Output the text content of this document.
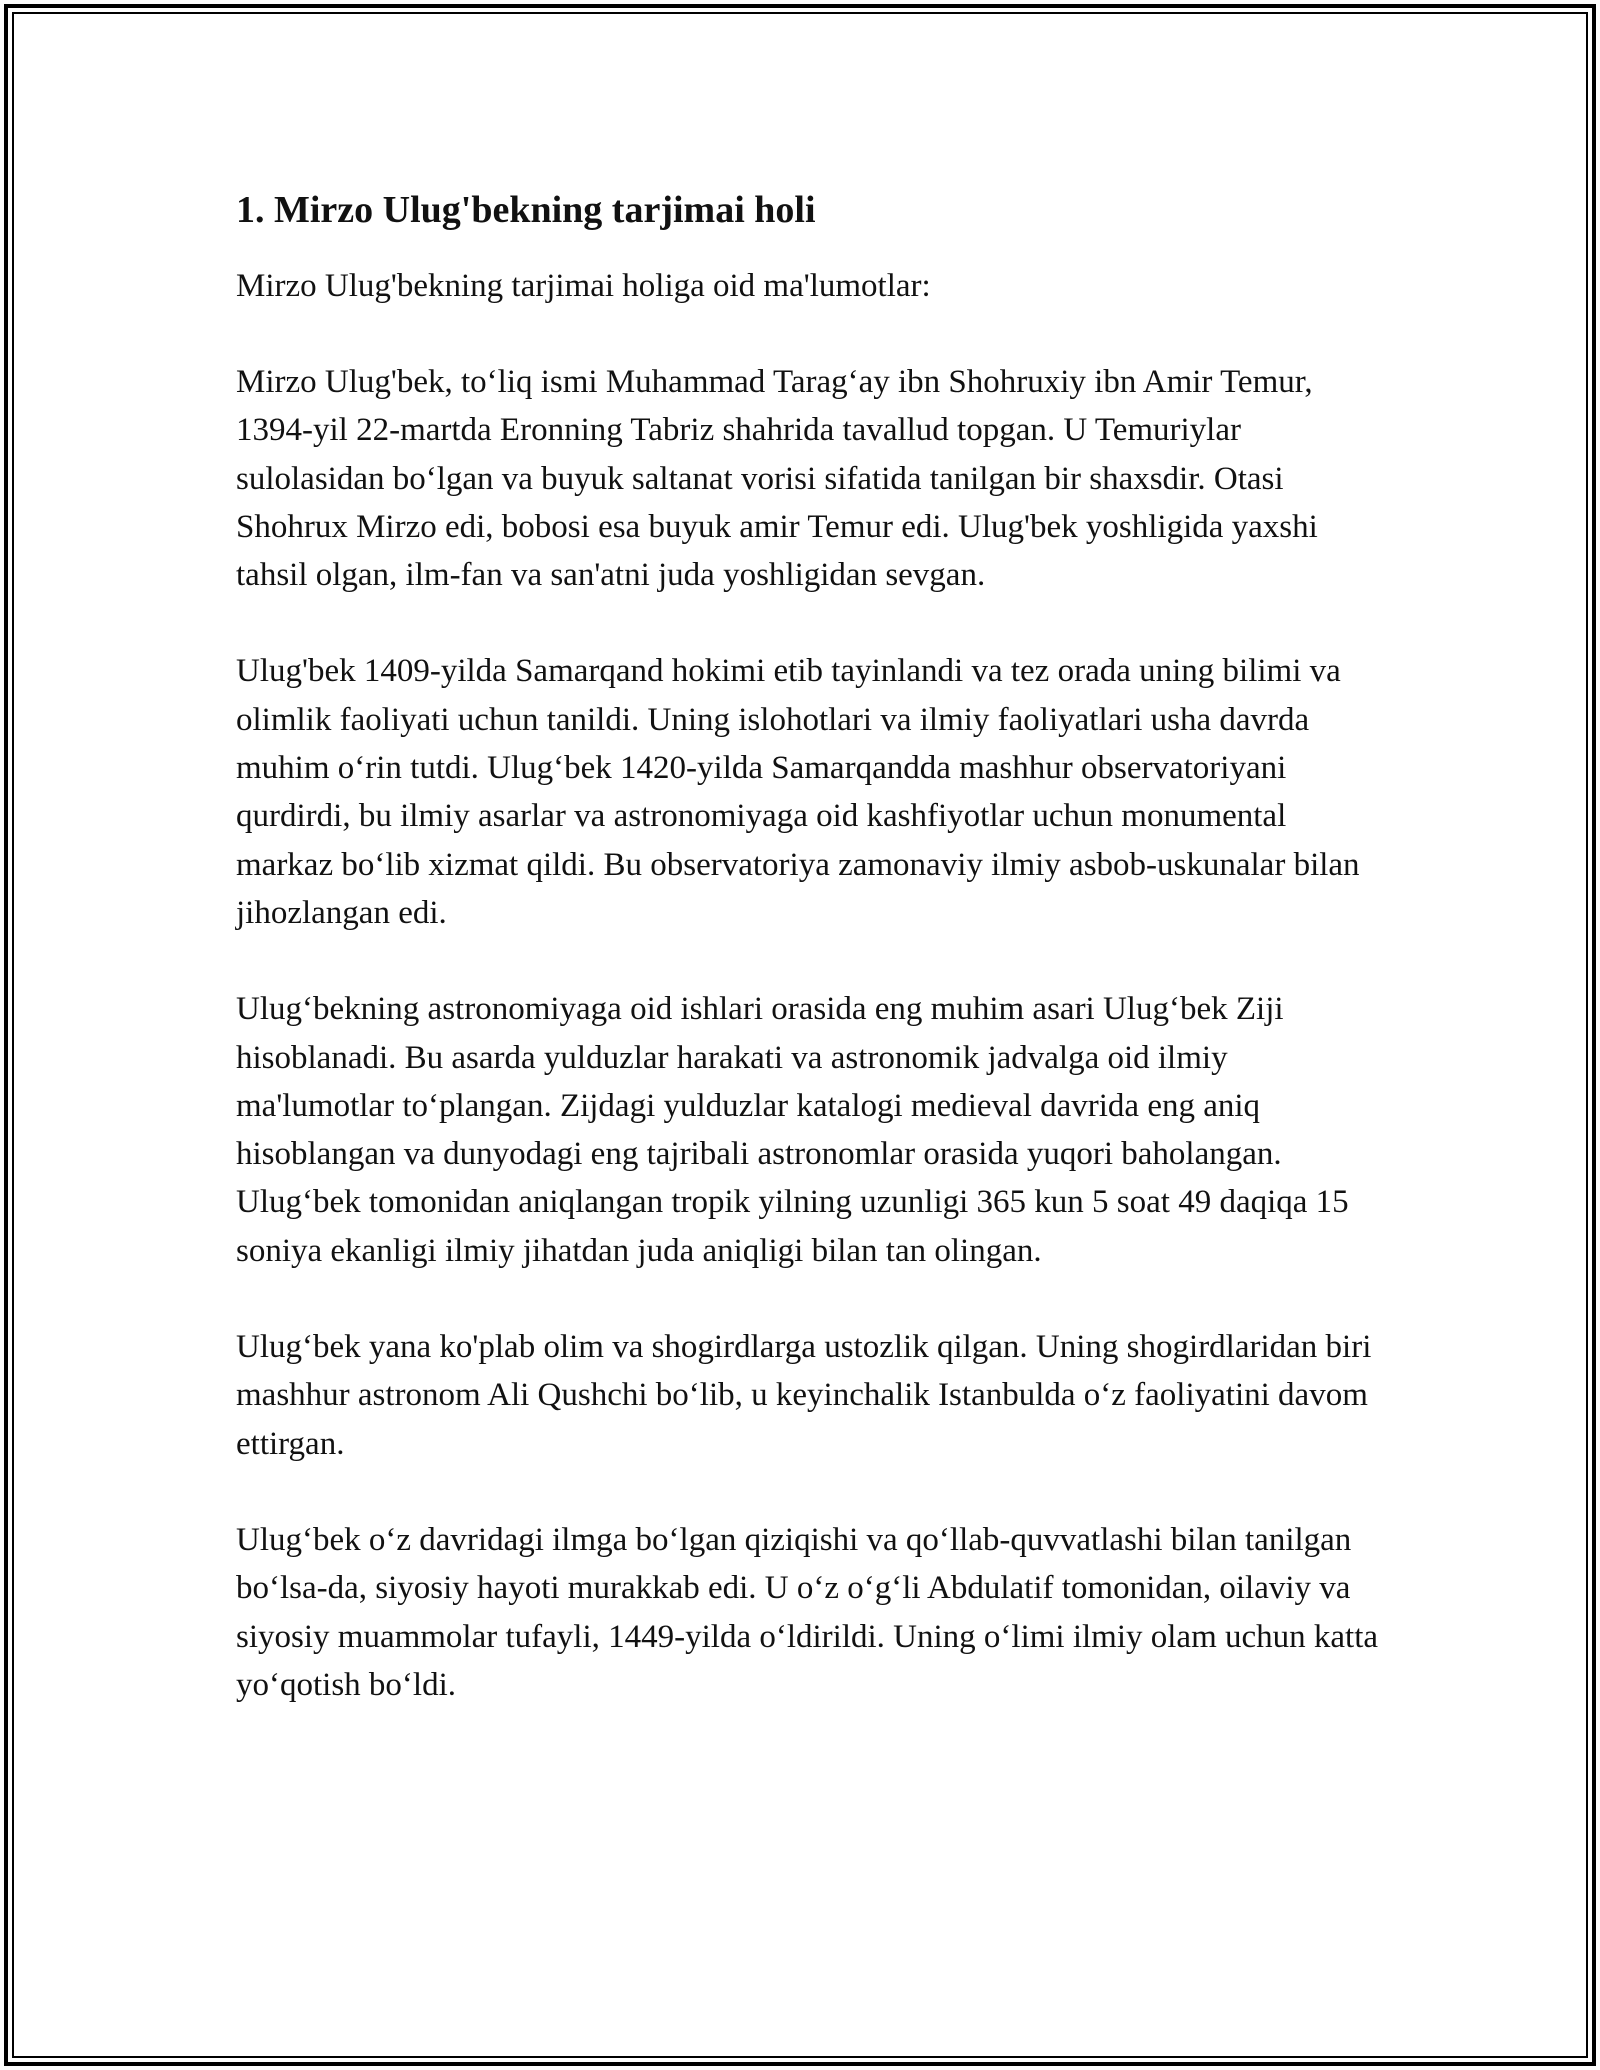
1. Mirzo Ulug'bekning tarjimai holi

Mirzo Ulug'bekning tarjimai holiga oid ma'lumotlar:

Mirzo Ulug'bek, to‘liq ismi Muhammad Tarag‘ay ibn Shohruxiy ibn Amir Temur, 1394-yil 22-martda Eronning Tabriz shahrida tavallud topgan. U Temuriylar sulolasidan bo‘lgan va buyuk saltanat vorisi sifatida tanilgan bir shaxsdir. Otasi Shohrux Mirzo edi, bobosi esa buyuk amir Temur edi. Ulug'bek yoshligida yaxshi tahsil olgan, ilm-fan va san'atni juda yoshligidan sevgan.

Ulug'bek 1409-yilda Samarqand hokimi etib tayinlandi va tez orada uning bilimi va olimlik faoliyati uchun tanildi. Uning islohotlari va ilmiy faoliyatlari usha davrda muhim o‘rin tutdi. Ulug‘bek 1420-yilda Samarqandda mashhur observatoriyani qurdirdi, bu ilmiy asarlar va astronomiyaga oid kashfiyotlar uchun monumental markaz bo‘lib xizmat qildi. Bu observatoriya zamonaviy ilmiy asbob-uskunalar bilan jihozlangan edi.

Ulug‘bekning astronomiyaga oid ishlari orasida eng muhim asari Ulug‘bek Ziji hisoblanadi. Bu asarda yulduzlar harakati va astronomik jadvalga oid ilmiy ma'lumotlar to‘plangan. Zijdagi yulduzlar katalogi medieval davrida eng aniq hisoblangan va dunyodagi eng tajribali astronomlar orasida yuqori baholangan. Ulug‘bek tomonidan aniqlangan tropik yilning uzunligi 365 kun 5 soat 49 daqiqa 15 soniya ekanligi ilmiy jihatdan juda aniqligi bilan tan olingan.

Ulug‘bek yana ko'plab olim va shogirdlarga ustozlik qilgan. Uning shogirdlaridan biri mashhur astronom Ali Qushchi bo‘lib, u keyinchalik Istanbulda o‘z faoliyatini davom ettirgan.

Ulug‘bek o‘z davridagi ilmga bo‘lgan qiziqishi va qo‘llab-quvvatlashi bilan tanilgan bo‘lsa-da, siyosiy hayoti murakkab edi. U o‘z o‘g‘li Abdulatif tomonidan, oilaviy va siyosiy muammolar tufayli, 1449-yilda o‘ldirildi. Uning o‘limi ilmiy olam uchun katta yo‘qotish bo‘ldi.
